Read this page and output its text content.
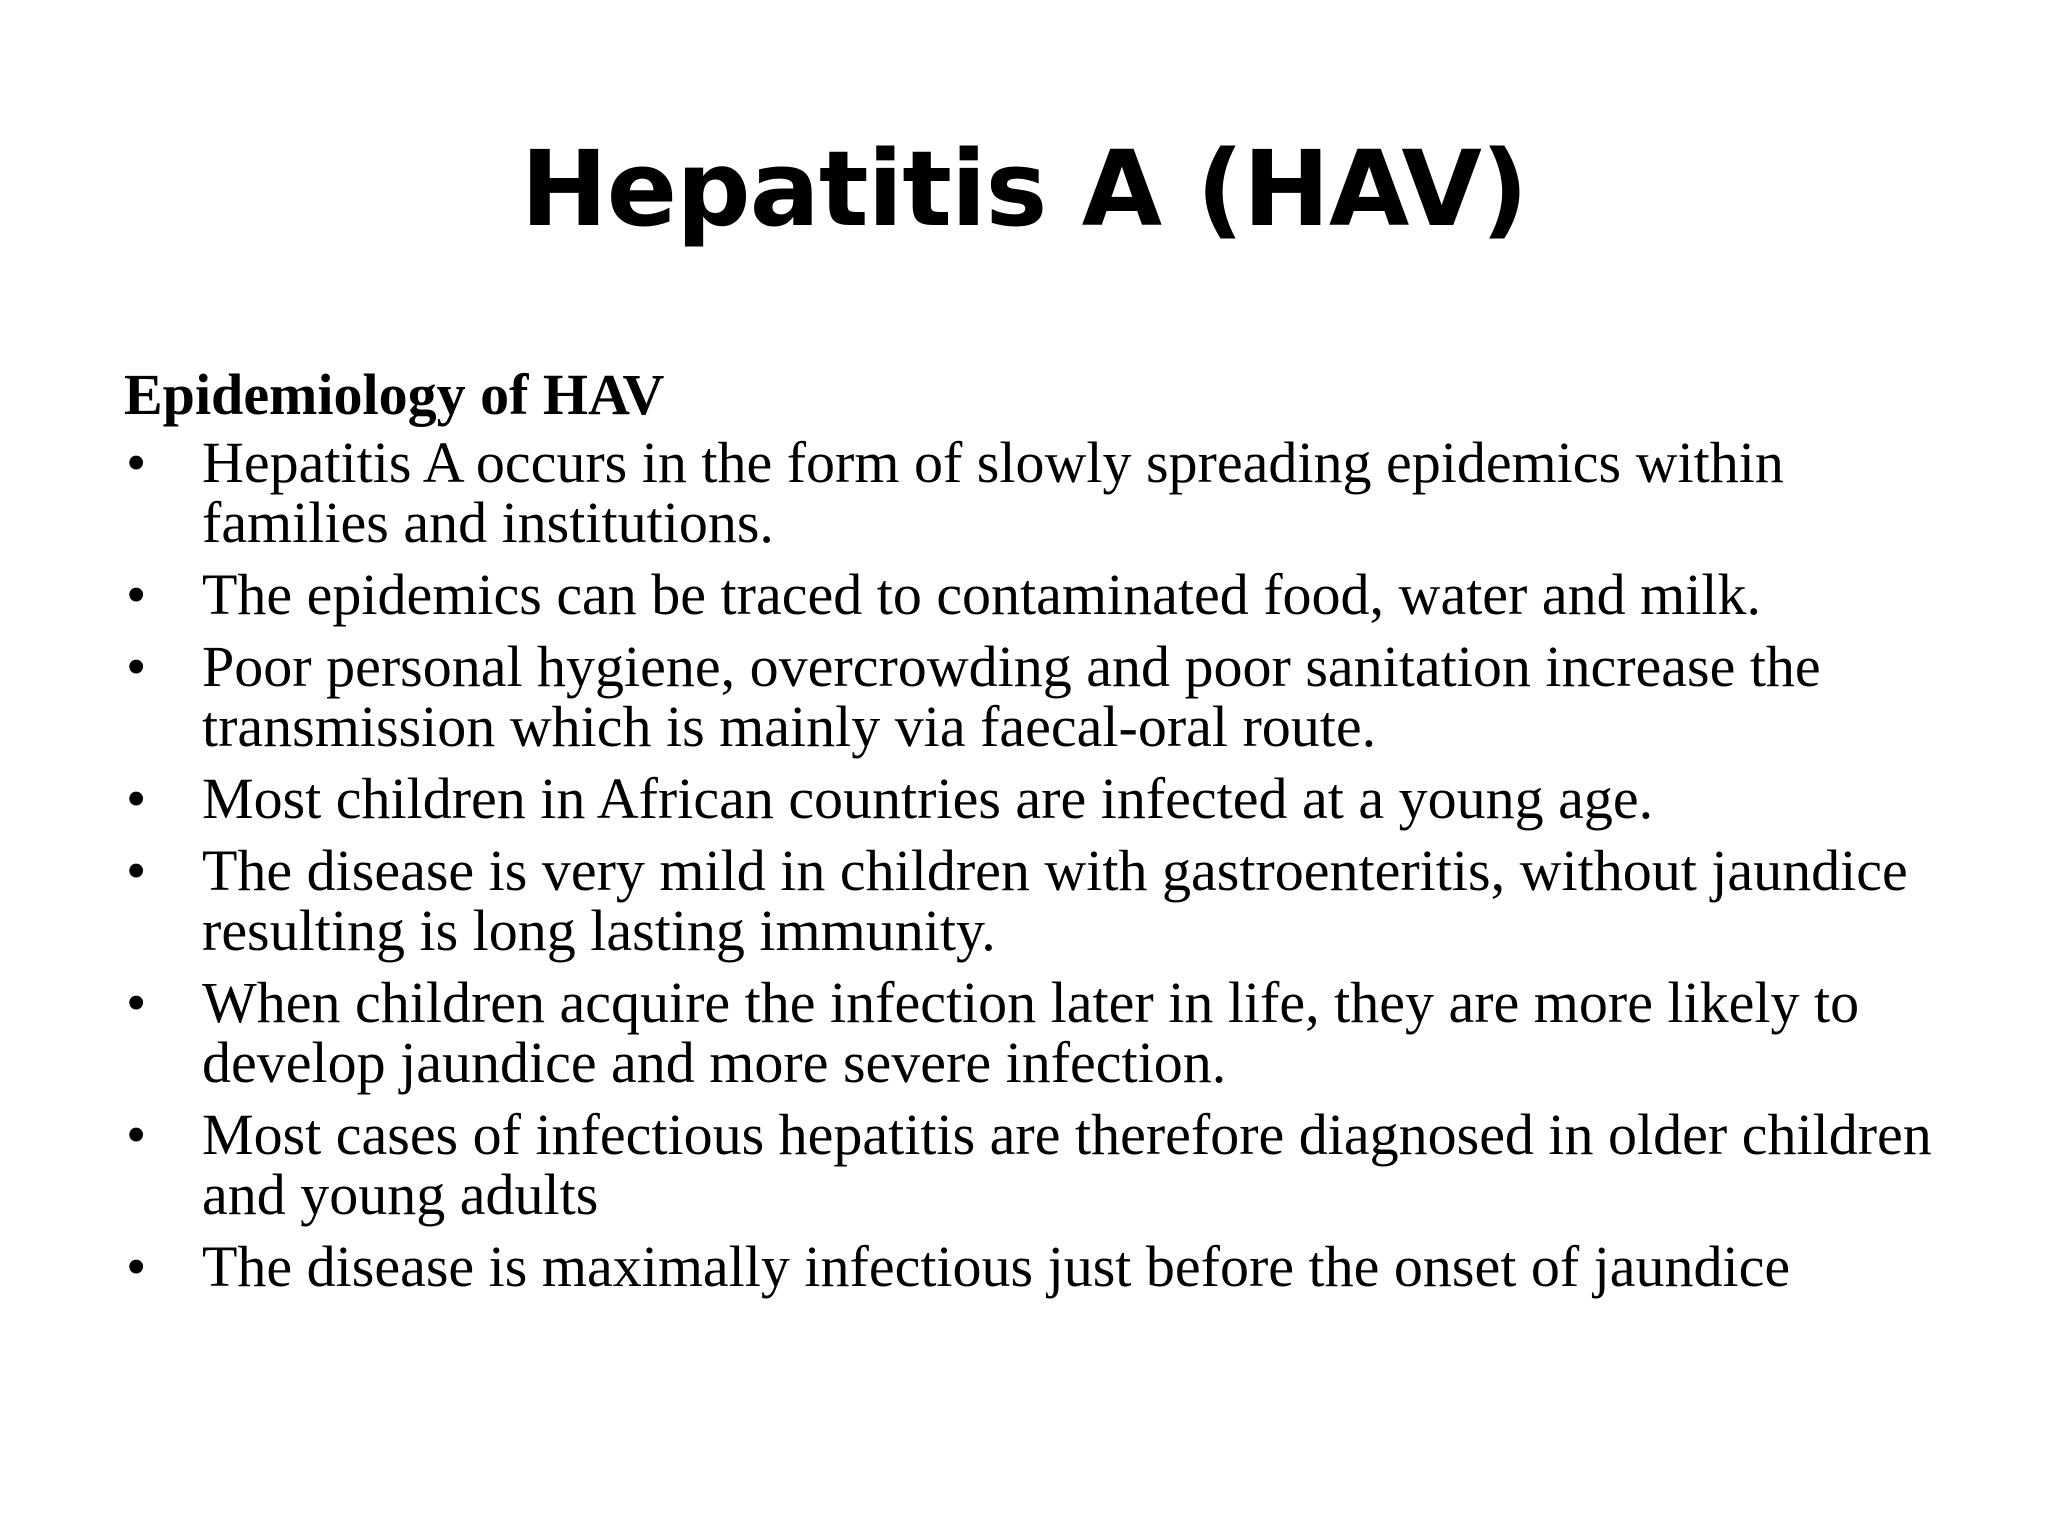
Hepatitis A (HAV)
Epidemiology of HAV
• Hepatitis A occurs in the form of slowly spreading epidemics within families and institutions.
• The epidemics can be traced to contaminated food, water and milk.
• Poor personal hygiene, overcrowding and poor sanitation increase the transmission which is mainly via faecal-oral route.
• Most children in African countries are infected at a young age.
• The disease is very mild in children with gastroenteritis, without jaundice resulting is long lasting immunity.
• When children acquire the infection later in life, they are more likely to develop jaundice and more severe infection.
• Most cases of infectious hepatitis are therefore diagnosed in older children and young adults
• The disease is maximally infectious just before the onset of jaundice
